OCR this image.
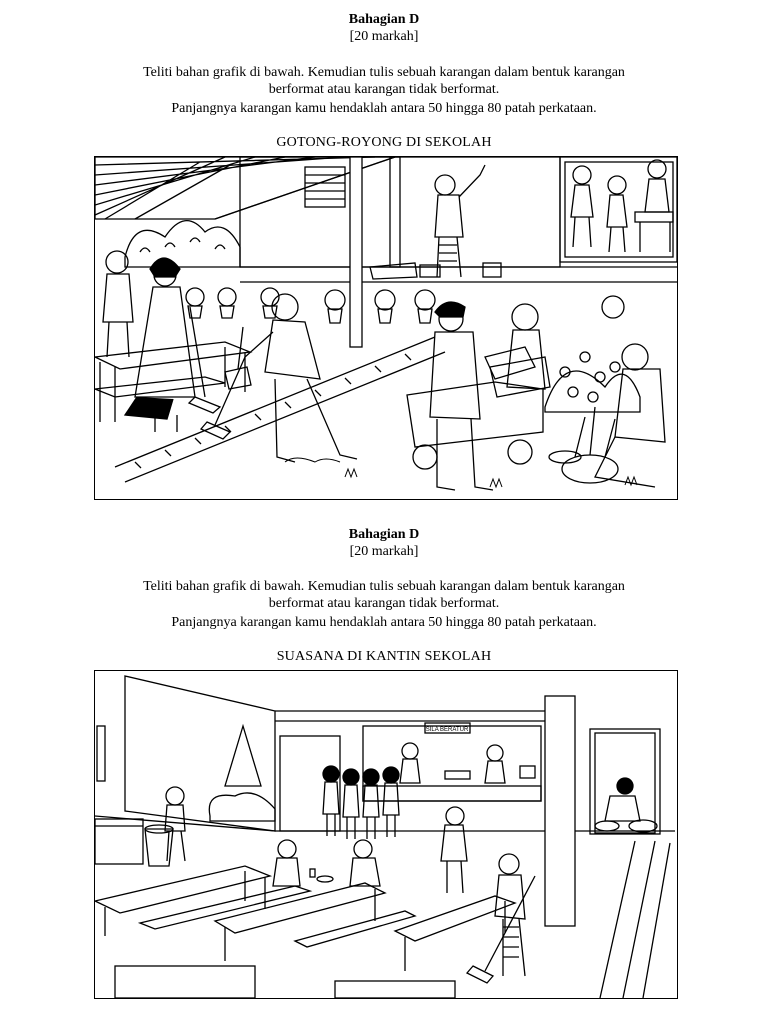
Bahagian D
[20 markah]
Teliti bahan grafik di bawah. Kemudian tulis sebuah karangan dalam bentuk karangan
berformat atau karangan tidak berformat.
Panjangnya karangan kamu hendaklah antara 50 hingga 80 patah perkataan.
GOTONG-ROYONG DI SEKOLAH
Bahagian D
[20 markah]
Teliti bahan grafik di bawah. Kemudian tulis sebuah karangan dalam bentuk karangan
berformat atau karangan tidak berformat.
Panjangnya karangan kamu hendaklah antara 50 hingga 80 patah perkataan.
SUASANA DI KANTIN SEKOLAH
SILA BERATUR
